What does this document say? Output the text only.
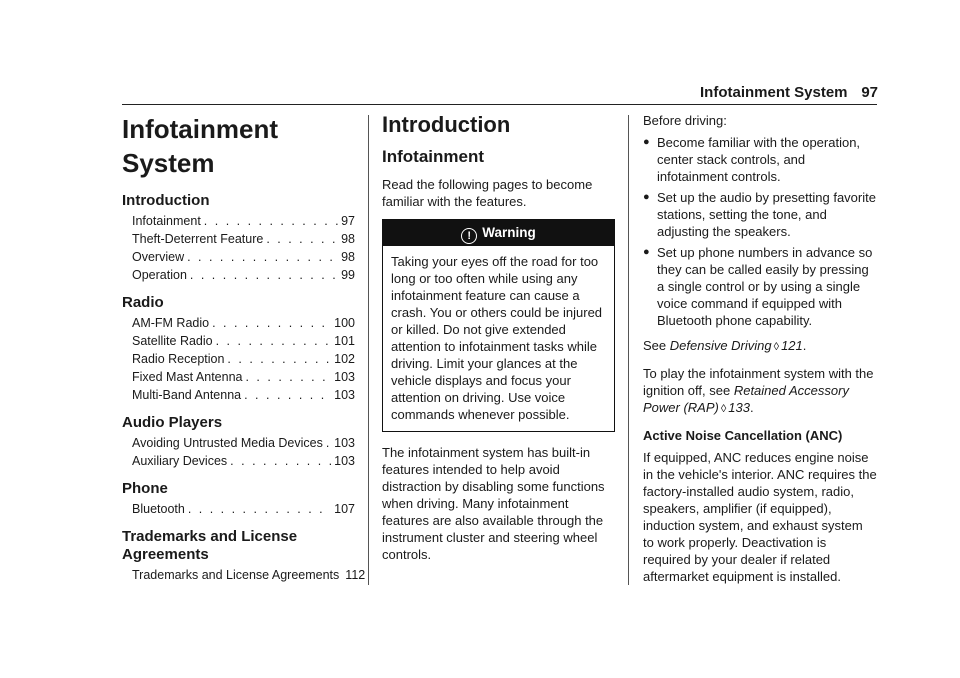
Infotainment System 97
Infotainment System
Introduction
Infotainment . . .	97
Theft-Deterrent Feature . . .	98
Overview . . .	98
Operation . . .	99
Radio
AM-FM Radio . . .	100
Satellite Radio . . .	101
Radio Reception . . .	102
Fixed Mast Antenna . . .	103
Multi-Band Antenna . . .	103
Audio Players
Avoiding Untrusted Media Devices . . . 103
Auxiliary Devices . . .	103
Phone
Bluetooth . . .	107
Trademarks and License Agreements
Trademarks and License Agreements 112
Introduction
Infotainment

Read the following pages to become familiar with the features.

! Warning
Taking your eyes off the road for too long or too often while using any infotainment feature can cause a crash. You or others could be injured or killed. Do not give extended attention to infotainment tasks while driving. Limit your glances at the vehicle displays and focus your attention on driving. Use voice commands whenever possible.

The infotainment system has built-in features intended to help avoid distraction by disabling some functions when driving. Many infotainment features are also available through the instrument cluster and steering wheel controls.

Before driving:

● Become familiar with the operation, center stack controls, and infotainment controls.
● Set up the audio by presetting favorite stations, setting the tone, and adjusting the speakers.
● Set up phone numbers in advance so they can be called easily by pressing a single control or by using a single voice command if equipped with Bluetooth phone capability.

See Defensive Driving ◊ 121.

To play the infotainment system with the ignition off, see Retained Accessory Power (RAP) ◊ 133.

Active Noise Cancellation (ANC)

If equipped, ANC reduces engine noise in the vehicle's interior. ANC requires the factory-installed audio system, radio, speakers, amplifier (if equipped), induction system, and exhaust system to work properly. Deactivation is required by your dealer if related aftermarket equipment is installed.
